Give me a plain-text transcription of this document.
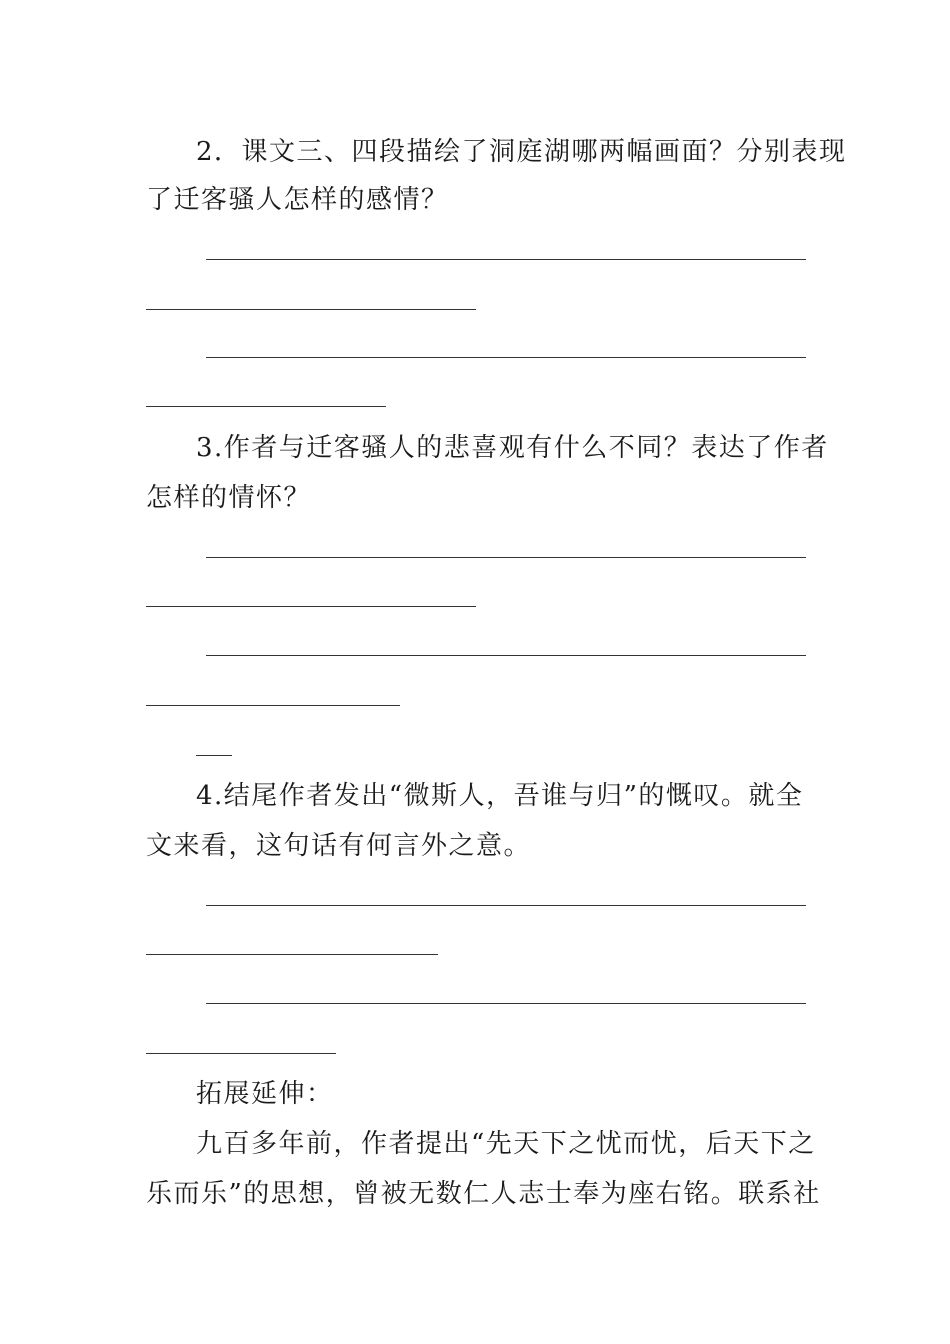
2．课文三、四段描绘了洞庭湖哪两幅画面？分别表现
了迁客骚人怎样的感情？
3.作者与迁客骚人的悲喜观有什么不同？表达了作者
怎样的情怀？
4.结尾作者发出“微斯人，吾谁与归”的慨叹。就全
文来看，这句话有何言外之意。
拓展延伸：
九百多年前，作者提出“先天下之忧而忧，后天下之
乐而乐”的思想，曾被无数仁人志士奉为座右铭。联系社
